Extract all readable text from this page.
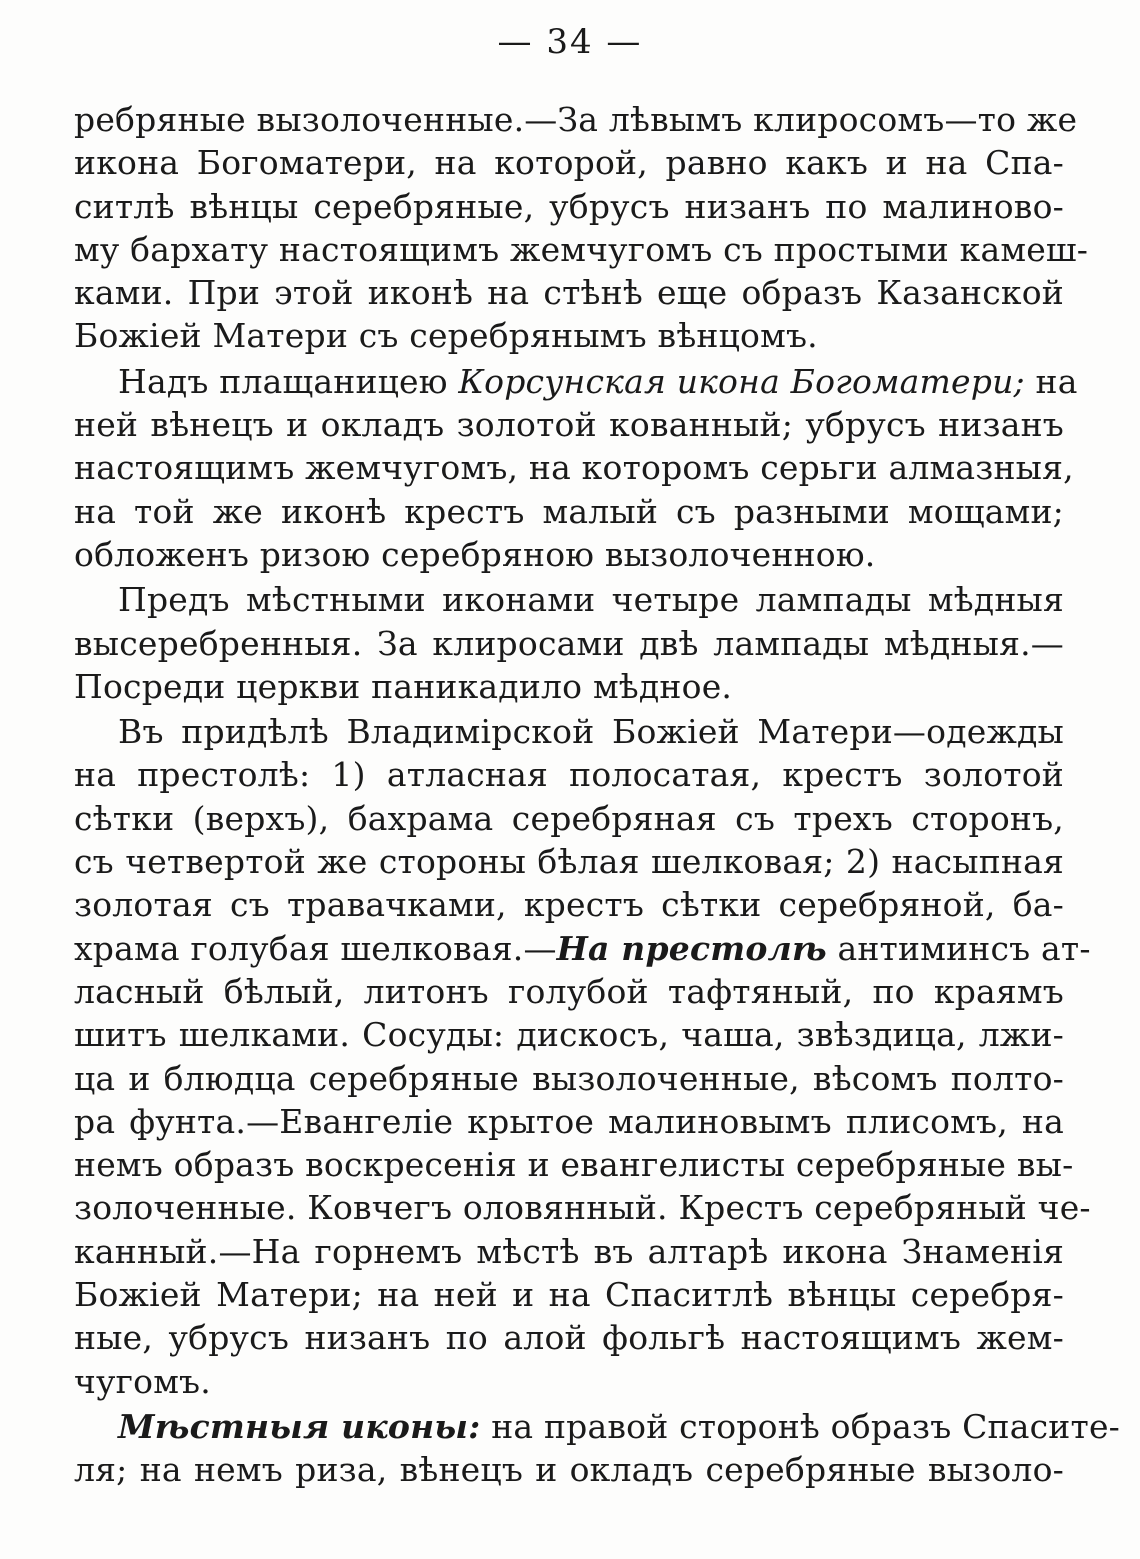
— 34 —
ребряные вызолоченные.—За лѣвымъ клиросомъ—то же
икона Богоматери, на которой, равно какъ и на Спа-
ситлѣ вѣнцы серебряные, убрусъ низанъ по малиново-
му бархату настоящимъ жемчугомъ съ простыми камеш-
ками. При этой иконѣ на стѣнѣ еще образъ Казанской
Божіей Матери съ серебрянымъ вѣнцомъ.
Надъ плащаницею Корсунская икона Богоматери; на
ней вѣнецъ и окладъ золотой кованный; убрусъ низанъ
настоящимъ жемчугомъ, на которомъ серьги алмазныя,
на той же иконѣ крестъ малый съ разными мощами;
обложенъ ризою серебряною вызолоченною.
Предъ мѣстными иконами четыре лампады мѣдныя
высеребренныя. За клиросами двѣ лампады мѣдныя.—
Посреди церкви паникадило мѣдное.
Въ придѣлѣ Владимірской Божіей Матери—одежды
на престолѣ: 1) атласная полосатая, крестъ золотой
сѣтки (верхъ), бахрама серебряная съ трехъ сторонъ,
съ четвертой же стороны бѣлая шелковая; 2) насыпная
золотая съ травачками, крестъ сѣтки серебряной, ба-
храма голубая шелковая.—На престолѣ антиминсъ ат-
ласный бѣлый, литонъ голубой тафтяный, по краямъ
шитъ шелками. Сосуды: дискосъ, чаша, звѣздица, лжи-
ца и блюдца серебряные вызолоченные, вѣсомъ полто-
ра фунта.—Евангеліе крытое малиновымъ плисомъ, на
немъ образъ воскресенія и евангелисты серебряные вы-
золоченные. Ковчегъ оловянный. Крестъ серебряный че-
канный.—На горнемъ мѣстѣ въ алтарѣ икона Знаменія
Божіей Матери; на ней и на Спаситлѣ вѣнцы серебря-
ные, убрусъ низанъ по алой фольгѣ настоящимъ жем-
чугомъ.
Мѣстныя иконы: на правой сторонѣ образъ Спасите-
ля; на немъ риза, вѣнецъ и окладъ серебряные вызоло-
